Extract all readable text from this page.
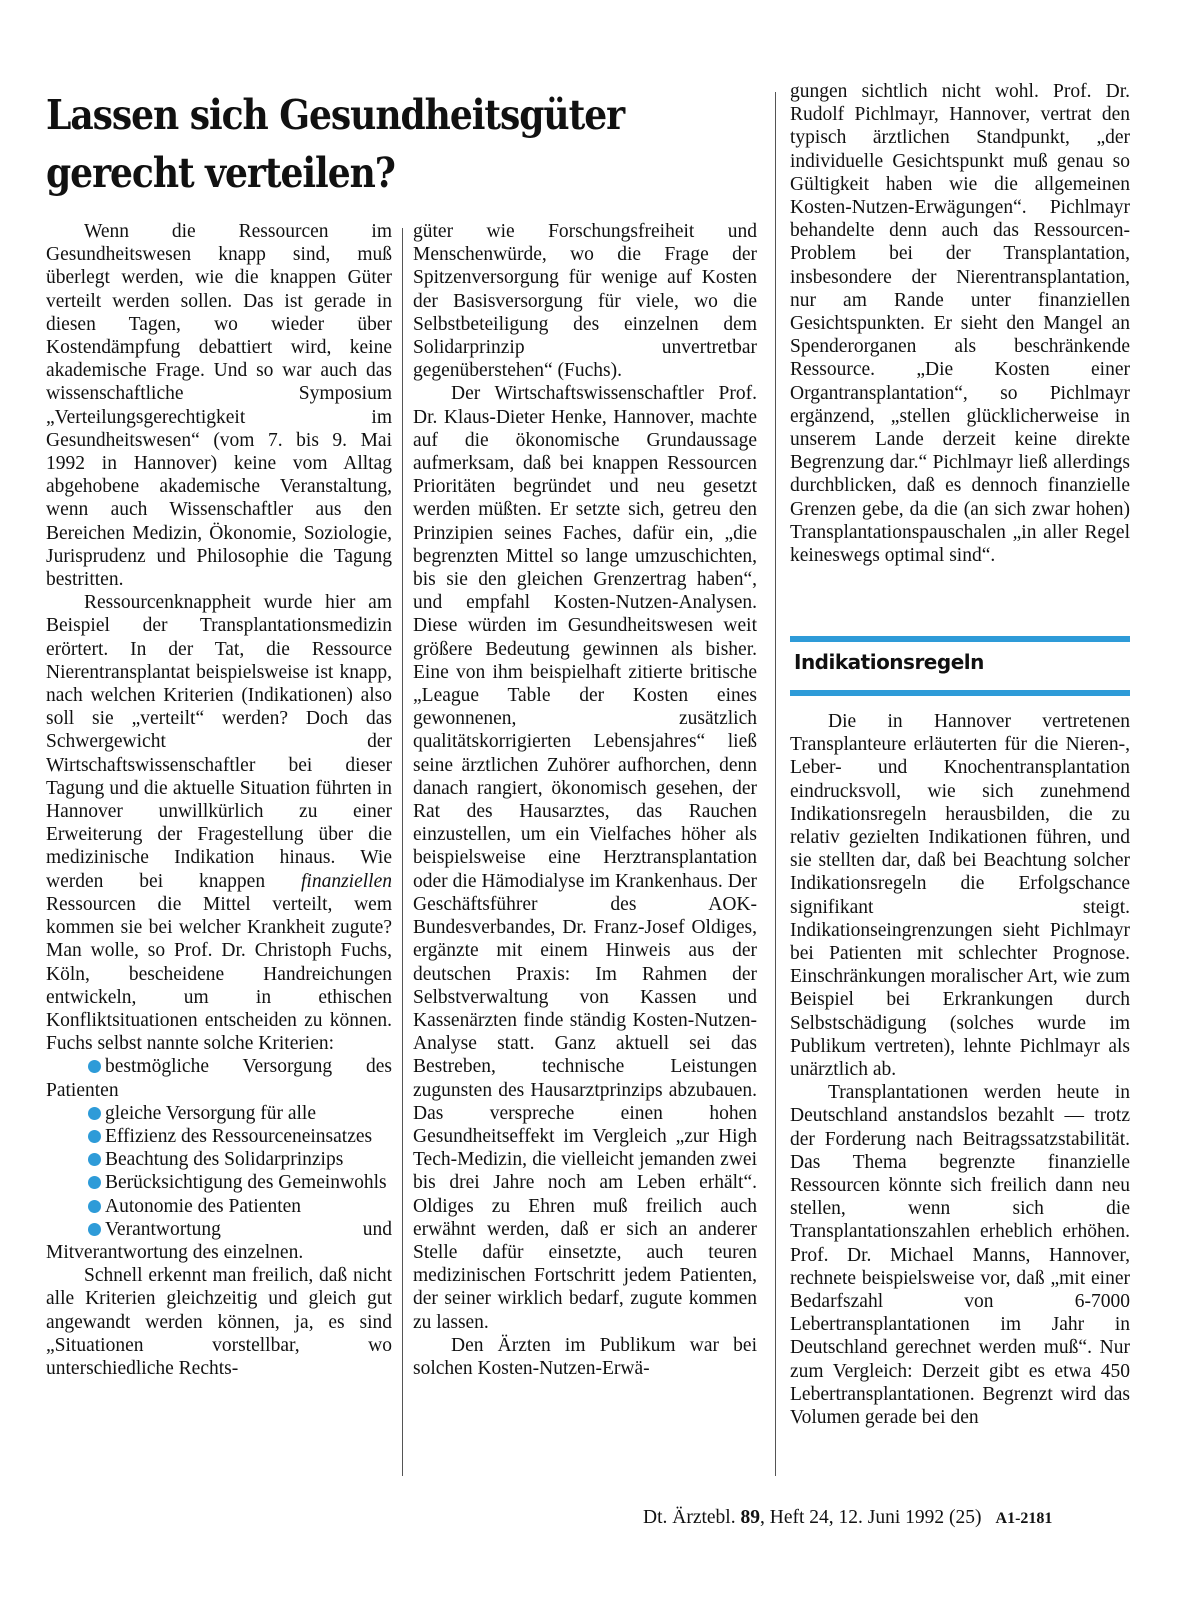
Lassen sich Gesundheitsgüter
gerecht verteilen?

Wenn die Ressourcen im Gesundheitswesen knapp sind, muß überlegt werden, wie die knappen Güter verteilt werden sollen. Das ist gerade in diesen Tagen, wo wieder über Kostendämpfung debattiert wird, keine akademische Frage. Und so war auch das wissenschaftliche Symposium „Verteilungsgerechtigkeit im Gesundheitswesen“ (vom 7. bis 9. Mai 1992 in Hannover) keine vom Alltag abgehobene akademische Veranstaltung, wenn auch Wissenschaftler aus den Bereichen Medizin, Ökonomie, Soziologie, Jurisprudenz und Philosophie die Tagung bestritten.

Ressourcenknappheit wurde hier am Beispiel der Transplantationsmedizin erörtert. In der Tat, die Ressource Nierentransplantat beispielsweise ist knapp, nach welchen Kriterien (Indikationen) also soll sie „verteilt“ werden? Doch das Schwergewicht der Wirtschaftswissenschaftler bei dieser Tagung und die aktuelle Situation führten in Hannover unwillkürlich zu einer Erweiterung der Fragestellung über die medizinische Indikation hinaus. Wie werden bei knappen finanziellen Ressourcen die Mittel verteilt, wem kommen sie bei welcher Krankheit zugute? Man wolle, so Prof. Dr. Christoph Fuchs, Köln, bescheidene Handreichungen entwickeln, um in ethischen Konfliktsituationen entscheiden zu können. Fuchs selbst nannte solche Kriterien:

bestmögliche Versorgung des Patienten

gleiche Versorgung für alle

Effizienz des Ressourceneinsatzes

Beachtung des Solidarprinzips

Berücksichtigung des Gemeinwohls

Autonomie des Patienten

Verantwortung und Mitverantwortung des einzelnen.

Schnell erkennt man freilich, daß nicht alle Kriterien gleichzeitig und gleich gut angewandt werden können, ja, es sind „Situationen vorstellbar, wo unterschiedliche Rechts-

güter wie Forschungsfreiheit und Menschenwürde, wo die Frage der Spitzenversorgung für wenige auf Kosten der Basisversorgung für viele, wo die Selbstbeteiligung des einzelnen dem Solidarprinzip unvertretbar gegenüberstehen“ (Fuchs).

Der Wirtschaftswissenschaftler Prof. Dr. Klaus-Dieter Henke, Hannover, machte auf die ökonomische Grundaussage aufmerksam, daß bei knappen Ressourcen Prioritäten begründet und neu gesetzt werden müßten. Er setzte sich, getreu den Prinzipien seines Faches, dafür ein, „die begrenzten Mittel so lange umzuschichten, bis sie den gleichen Grenzertrag haben“, und empfahl Kosten-Nutzen-Analysen. Diese würden im Gesundheitswesen weit größere Bedeutung gewinnen als bisher. Eine von ihm beispielhaft zitierte britische „League Table der Kosten eines gewonnenen, zusätzlich qualitätskorrigierten Lebensjahres“ ließ seine ärztlichen Zuhörer aufhorchen, denn danach rangiert, ökonomisch gesehen, der Rat des Hausarztes, das Rauchen einzustellen, um ein Vielfaches höher als beispielsweise eine Herztransplantation oder die Hämodialyse im Krankenhaus. Der Geschäftsführer des AOK-Bundesverbandes, Dr. Franz-Josef Oldiges, ergänzte mit einem Hinweis aus der deutschen Praxis: Im Rahmen der Selbstverwaltung von Kassen und Kassenärzten finde ständig Kosten-Nutzen-Analyse statt. Ganz aktuell sei das Bestreben, technische Leistungen zugunsten des Hausarztprinzips abzubauen. Das verspreche einen hohen Gesundheitseffekt im Vergleich „zur High Tech-Medizin, die vielleicht jemanden zwei bis drei Jahre noch am Leben erhält“. Oldiges zu Ehren muß freilich auch erwähnt werden, daß er sich an anderer Stelle dafür einsetzte, auch teuren medizinischen Fortschritt jedem Patienten, der seiner wirklich bedarf, zugute kommen zu lassen.

Den Ärzten im Publikum war bei solchen Kosten-Nutzen-Erwä-

gungen sichtlich nicht wohl. Prof. Dr. Rudolf Pichlmayr, Hannover, vertrat den typisch ärztlichen Standpunkt, „der individuelle Gesichtspunkt muß genau so Gültigkeit haben wie die allgemeinen Kosten-Nutzen-Erwägungen“. Pichlmayr behandelte denn auch das Ressourcen-Problem bei der Transplantation, insbesondere der Nierentransplantation, nur am Rande unter finanziellen Gesichtspunkten. Er sieht den Mangel an Spenderorganen als beschränkende Ressource. „Die Kosten einer Organtransplantation“, so Pichlmayr ergänzend, „stellen glücklicherweise in unserem Lande derzeit keine direkte Begrenzung dar.“ Pichlmayr ließ allerdings durchblicken, daß es dennoch finanzielle Grenzen gebe, da die (an sich zwar hohen) Transplantationspauschalen „in aller Regel keineswegs optimal sind“.

Indikationsregeln

Die in Hannover vertretenen Transplanteure erläuterten für die Nieren-, Leber- und Knochentransplantation eindrucksvoll, wie sich zunehmend Indikationsregeln herausbilden, die zu relativ gezielten Indikationen führen, und sie stellten dar, daß bei Beachtung solcher Indikationsregeln die Erfolgschance signifikant steigt. Indikationseingrenzungen sieht Pichlmayr bei Patienten mit schlechter Prognose. Einschränkungen moralischer Art, wie zum Beispiel bei Erkrankungen durch Selbstschädigung (solches wurde im Publikum vertreten), lehnte Pichlmayr als unärztlich ab.

Transplantationen werden heute in Deutschland anstandslos bezahlt — trotz der Forderung nach Beitragssatzstabilität. Das Thema begrenzte finanzielle Ressourcen könnte sich freilich dann neu stellen, wenn sich die Transplantationszahlen erheblich erhöhen. Prof. Dr. Michael Manns, Hannover, rechnete beispielsweise vor, daß „mit einer Bedarfszahl von 6-7000 Lebertransplantationen im Jahr in Deutschland gerechnet werden muß“. Nur zum Vergleich: Derzeit gibt es etwa 450 Lebertransplantationen. Begrenzt wird das Volumen gerade bei den

Dt. Ärztebl. 89, Heft 24, 12. Juni 1992 (25) A1-2181
